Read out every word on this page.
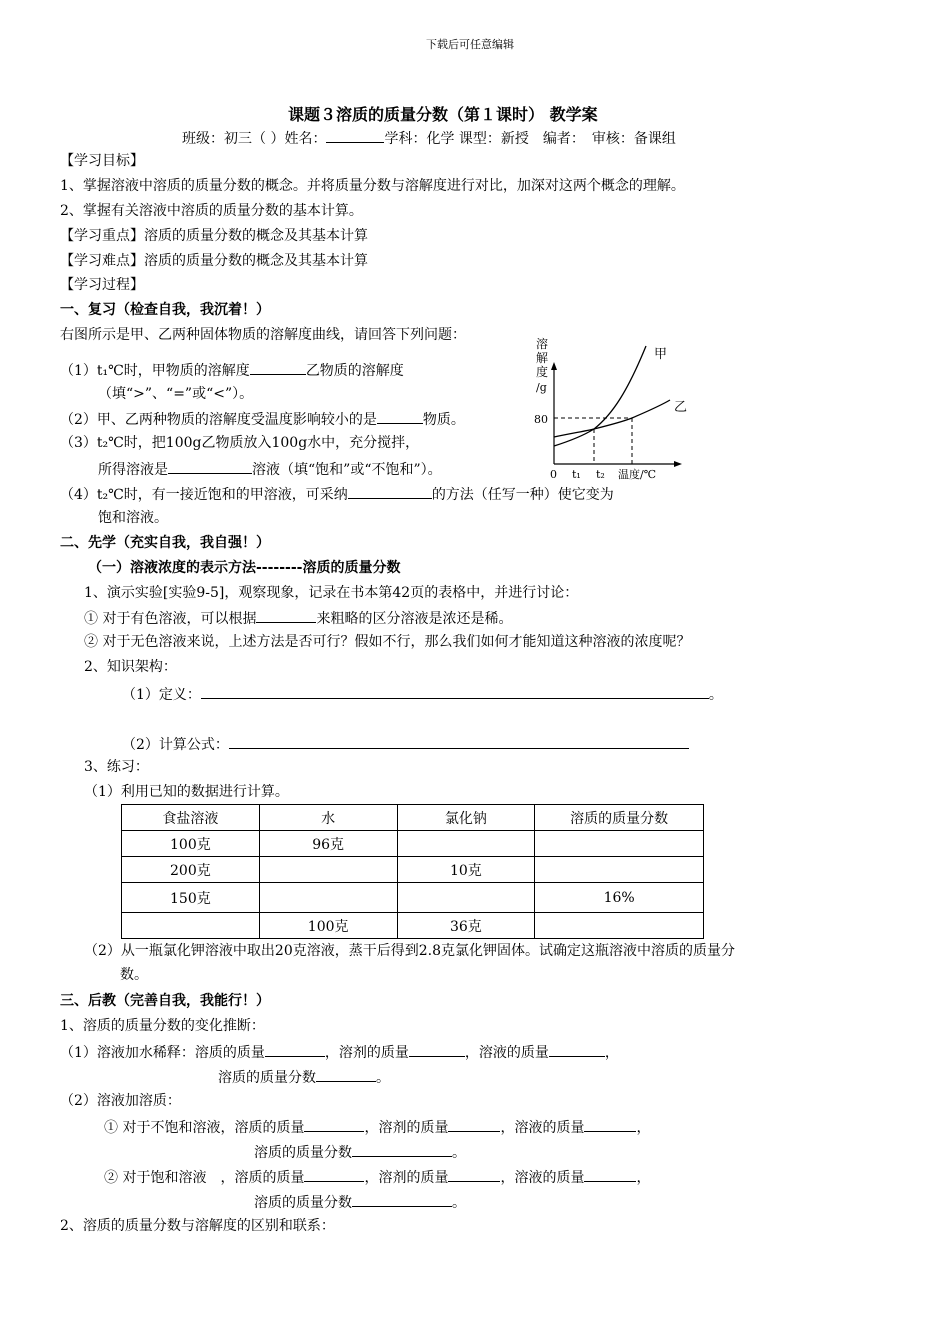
下载后可任意编辑
课题３溶质的质量分数（第１课时） 教学案
班级：初三（ ）姓名：	学科：化学 课型：新授　编者：　审核：备课组
【学习目标】
1、掌握溶液中溶质的质量分数的概念。并将质量分数与溶解度进行对比，加深对这两个概念的理解。
2、掌握有关溶液中溶质的质量分数的基本计算。
【学习重点】溶质的质量分数的概念及其基本计算
【学习难点】溶质的质量分数的概念及其基本计算
【学习过程】
一、复习（检查自我，我沉着！）
右图所示是甲、乙两种固体物质的溶解度曲线，请回答下列问题：
（1）t₁℃时，甲物质的溶解度	乙物质的溶解度
（填“>”、“=”或“<”）。
（2）甲、乙两种物质的溶解度受温度影响较小的是	物质。
（3）t₂℃时，把100g乙物质放入100g水中，充分搅拌，
所得溶液是	溶液（填“饱和”或“不饱和”）。
（4）t₂℃时，有一接近饱和的甲溶液，可采纳	的方法（任写一种）使它变为
饱和溶液。
溶
解
度
/g
甲
乙
80
0 t₁ t₂ 温度/℃
二、先学（充实自我，我自强！）
（一）溶液浓度的表示方法--------溶质的质量分数
1、演示实验[实验9-5]，观察现象，记录在书本第42页的表格中，并进行讨论：
① 对于有色溶液，可以根据	来粗略的区分溶液是浓还是稀。
② 对于无色溶液来说，上述方法是否可行？假如不行，那么我们如何才能知道这种溶液的浓度呢？
2、知识架构：
（1）定义：	。
（2）计算公式：
3、练习：
（1）利用已知的数据进行计算。
食盐溶液	水	氯化钠	溶质的质量分数
100克	96克		
200克		10克	
150克			16%
	100克	36克	
（2）从一瓶氯化钾溶液中取出20克溶液，蒸干后得到2.8克氯化钾固体。试确定这瓶溶液中溶质的质量分
数。
三、后教（完善自我，我能行！）
1、溶质的质量分数的变化推断：
（1）溶液加水稀释：溶质的质量	，溶剂的质量	，溶液的质量	，
溶质的质量分数	。
（2）溶液加溶质：
① 对于不饱和溶液，溶质的质量	，溶剂的质量	，溶液的质量	，
溶质的质量分数	。
② 对于饱和溶液　，溶质的质量	，溶剂的质量	，溶液的质量	，
溶质的质量分数	。
2、溶质的质量分数与溶解度的区别和联系：
